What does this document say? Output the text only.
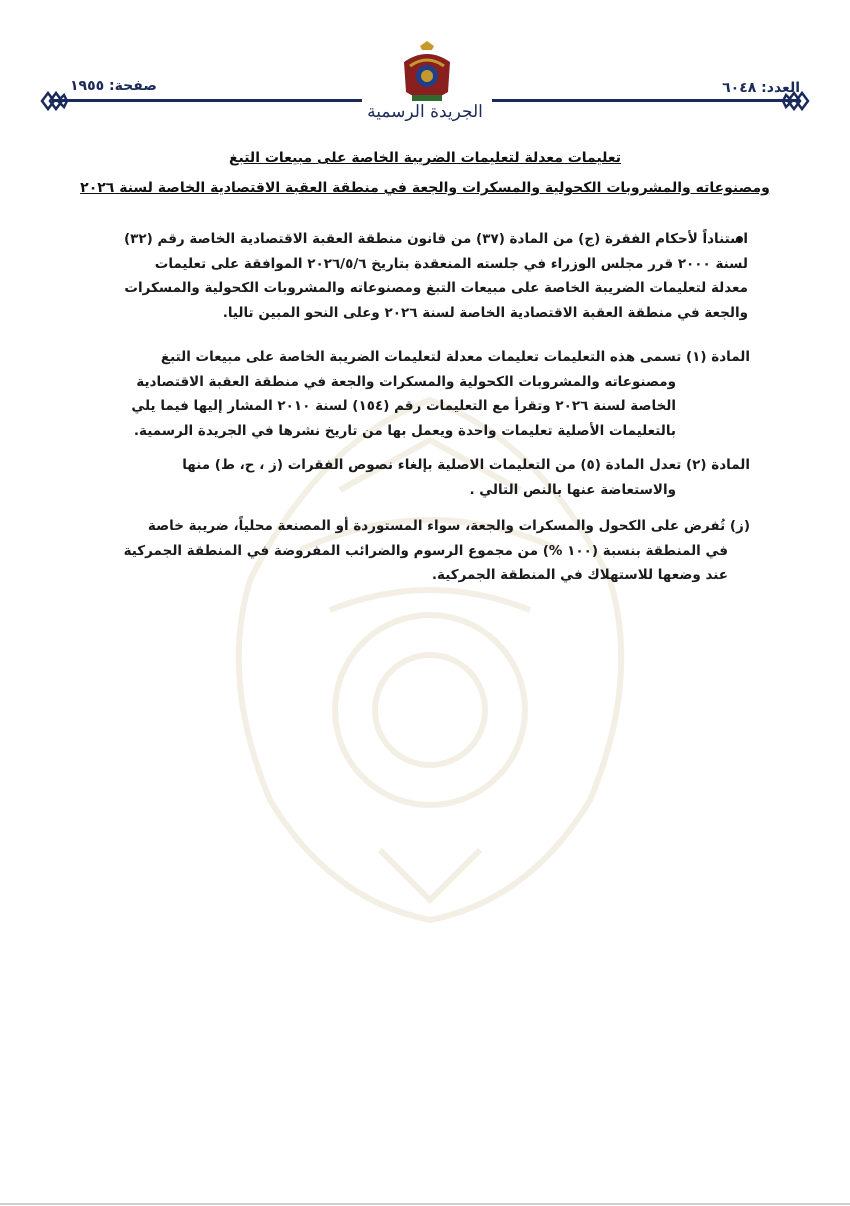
الجريدة الرسمية
العدد: ٦٠٤٨
صفحة: ١٩٥٥
تعليمات معدلة لتعليمات الضريبة الخاصة على مبيعات التبغ
ومصنوعاته والمشروبات الكحولية والمسكرات والجعة في منطقة العقبة الاقتصادية الخاصة لسنة ٢٠٢٦
استناداً لأحكام الفقرة (ج) من المادة (٣٧) من قانون منطقة العقبة الاقتصادية الخاصة رقم (٣٢)
لسنة ٢٠٠٠ قرر مجلس الوزراء في جلسته المنعقدة بتاريخ ٢٠٢٦/٥/٦ الموافقة على تعليمات
معدلة لتعليمات الضريبة الخاصة على مبيعات التبغ ومصنوعاته والمشروبات الكحولية والمسكرات
والجعة في منطقة العقبة الاقتصادية الخاصة لسنة ٢٠٢٦ وعلى النحو المبين تاليا.
المادة (١) تسمى هذه التعليمات تعليمات معدلة لتعليمات الضريبة الخاصة على مبيعات التبغ
ومصنوعاته والمشروبات الكحولية والمسكرات والجعة في منطقة العقبة الاقتصادية
الخاصة لسنة ٢٠٢٦ وتقرأ مع التعليمات رقم (١٥٤) لسنة ٢٠١٠ المشار إليها فيما يلي
بالتعليمات الأصلية تعليمات واحدة ويعمل بها من تاريخ نشرها في الجريدة الرسمية.
المادة (٢) تعدل المادة (٥) من التعليمات الاصلية بإلغاء نصوص الفقرات (ز ، ح، ط) منها
والاستعاضة عنها بالنص التالي .
(ز) تُفرض على الكحول والمسكرات والجعة، سواء المستوردة أو المصنعة محلياً، ضريبة خاصة
في المنطقة بنسبة (١٠٠ %) من مجموع الرسوم والضرائب المفروضة في المنطقة الجمركية
عند وضعها للاستهلاك في المنطقة الجمركية.
